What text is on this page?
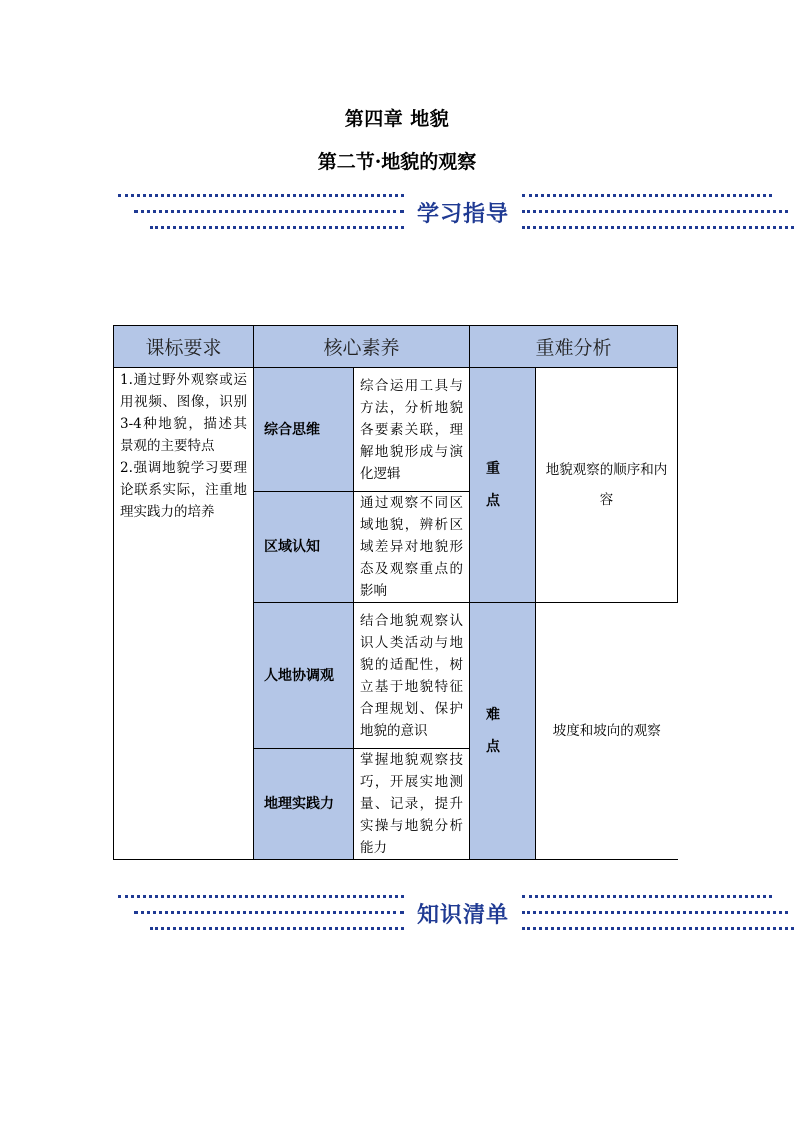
第四章 地貌
第二节·地貌的观察
学习指导
课标要求	核心素养		重难分析	

1.通过野外观察或运用视频、图像，识别3-4种地貌，描述其景观的主要特点
2.强调地貌学习要理论联系实际，注重地理实践力的培养	综合思维	综合运用工具与方法，分析地貌各要素关联，理解地貌形成与演化逻辑	重点	地貌观察的顺序和内容

	区域认知	通过观察不同区域地貌，辨析区域差异对地貌形态及观察重点的影响		

	人地协调观	结合地貌观察认识人类活动与地貌的适配性，树立基于地貌特征合理规划、保护地貌的意识	难点	坡度和坡向的观察

	地理实践力	掌握地貌观察技巧，开展实地测量、记录，提升实操与地貌分析能力		
知识清单
